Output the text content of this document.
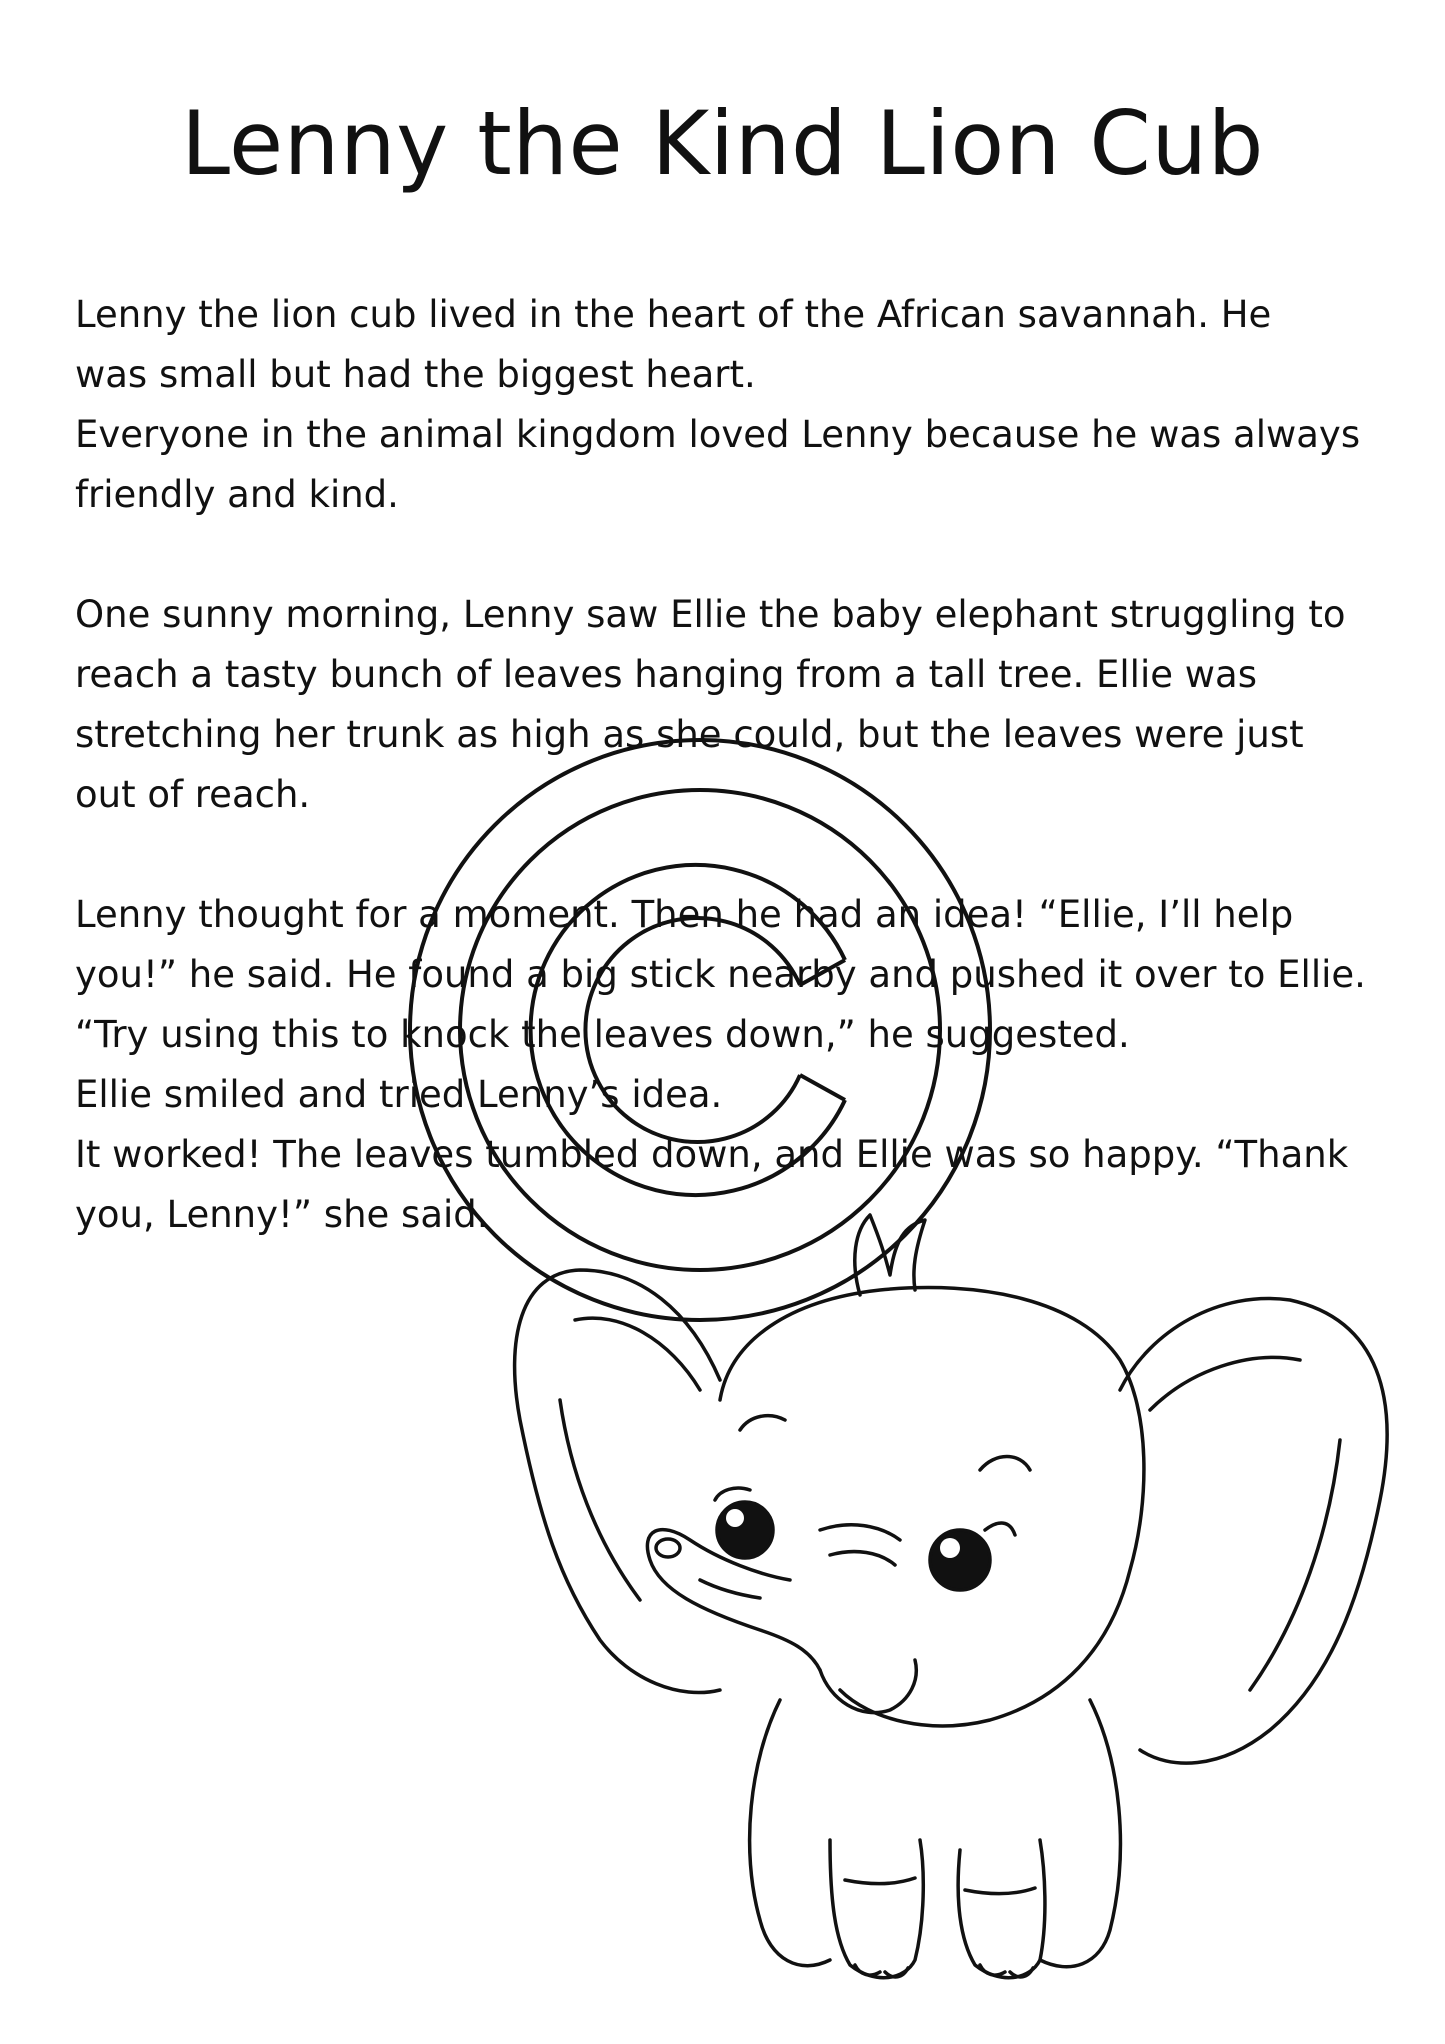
Lenny the Kind Lion Cub

Lenny the lion cub lived in the heart of the African savannah. He
was small but had the biggest heart.
Everyone in the animal kingdom loved Lenny because he was always
friendly and kind.

One sunny morning, Lenny saw Ellie the baby elephant struggling to
reach a tasty bunch of leaves hanging from a tall tree. Ellie was
stretching her trunk as high as she could, but the leaves were just
out of reach.

Lenny thought for a moment. Then he had an idea! “Ellie, I’ll help
you!” he said. He found a big stick nearby and pushed it over to Ellie.
“Try using this to knock the leaves down,” he suggested.
Ellie smiled and tried Lenny’s idea.
It worked! The leaves tumbled down, and Ellie was so happy. “Thank
you, Lenny!” she said.
